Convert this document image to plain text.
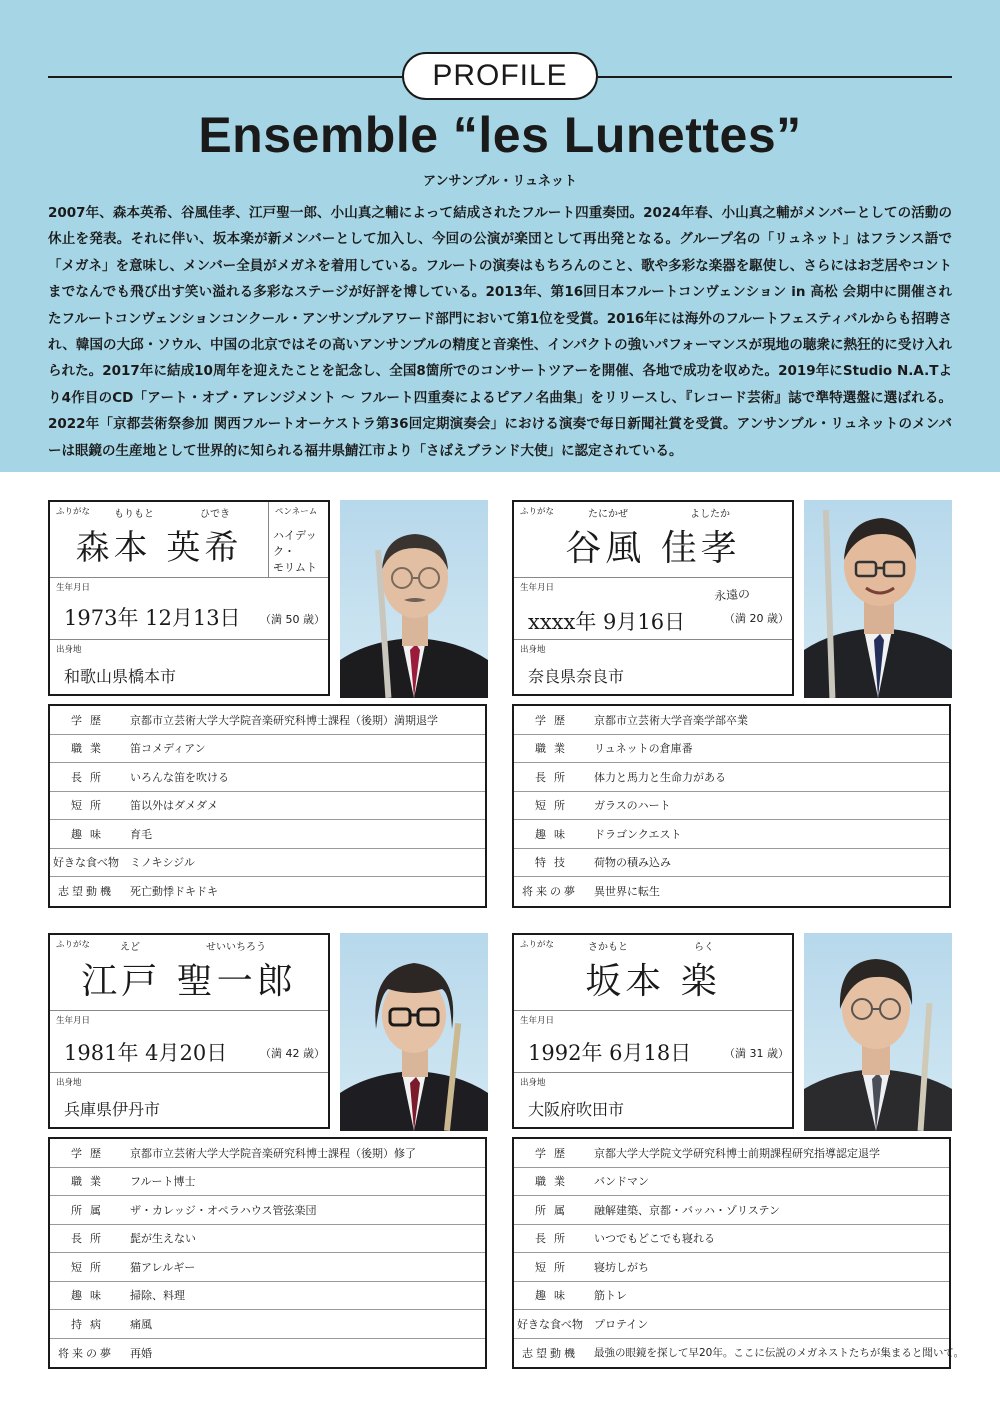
PROFILE
Ensemble “les Lunettes”
アンサンブル・リュネット

2007年、森本英希、谷風佳孝、江戸聖一郎、小山真之輔によって結成されたフルート四重奏団。2024年春、小山真之輔がメンバーとしての活動の休止を発表。それに伴い、坂本楽が新メンバーとして加入し、今回の公演が楽団として再出発となる。グループ名の「リュネット」はフランス語で「メガネ」を意味し、メンバー全員がメガネを着用している。フルートの演奏はもちろんのこと、歌や多彩な楽器を駆使し、さらにはお芝居やコントまでなんでも飛び出す笑い溢れる多彩なステージが好評を博している。2013年、第16回日本フルートコンヴェンション in 高松 会期中に開催されたフルートコンヴェンションコンクール・アンサンブルアワード部門において第1位を受賞。2016年には海外のフルートフェスティバルからも招聘され、韓国の大邱・ソウル、中国の北京ではその高いアンサンブルの精度と音楽性、インパクトの強いパフォーマンスが現地の聴衆に熱狂的に受け入れられた。2017年に結成10周年を迎えたことを記念し、全国8箇所でのコンサートツアーを開催、各地で成功を収めた。2019年にStudio N.A.Tより4作目のCD「アート・オブ・アレンジメント 〜 フルート四重奏によるピアノ名曲集」をリリースし、『レコード芸術』誌で準特選盤に選ばれる。2022年「京都芸術祭参加 関西フルートオーケストラ第36回定期演奏会」における演奏で毎日新聞社賞を受賞。アンサンブル・リュネットのメンバーは眼鏡の生産地として世界的に知られる福井県鯖江市より「さばえブランド大使」に認定されている。

ふりがな もりもと	ひでき
森本 英希
ペンネーム
ハイデック・
モリムト
生年月日
1973年 12月13日 （満 50 歳）
出身地
和歌山県橋本市
学歴	京都市立芸術大学大学院音楽研究科博士課程（後期）満期退学
職業	笛コメディアン
長所	いろんな笛を吹ける
短所	笛以外はダメダメ
趣味	育毛
好きな食べ物	ミノキシジル
志望動機	死亡動悸ドキドキ
ふりがな	たにかぜ	よしたか
谷風 佳孝
生年月日
xxxx年 9月16日
永遠の
（満 20 歳）
出身地
奈良県奈良市
学歴	京都市立芸術大学音楽学部卒業
職業	リュネットの倉庫番
長所	体力と馬力と生命力がある
短所	ガラスのハート
趣味	ドラゴンクエスト
特技	荷物の積み込み
将来の夢	異世界に転生
ふりがな	えど	せいいちろう
江戸 聖一郎
生年月日
1981年 4月20日	（満 42 歳）
出身地
兵庫県伊丹市
学歴	京都市立芸術大学大学院音楽研究科博士課程（後期）修了
職業	フルート博士
所属	ザ・カレッジ・オペラハウス管弦楽団
長所	髭が生えない
短所	猫アレルギー
趣味	掃除、料理
持病	痛風
将来の夢	再婚
ふりがな	さかもと	らく
坂本 楽
生年月日
1992年 6月18日	（満 31 歳）
出身地
大阪府吹田市
学歴	京都大学大学院文学研究科博士前期課程研究指導認定退学
職業	バンドマン
所属	融解建築、京都・バッハ・ゾリステン
長所	いつでもどこでも寝れる
短所	寝坊しがち
趣味	筋トレ
好きな食べ物	プロテイン
志望動機	最強の眼鏡を探して早20年。ここに伝説のメガネストたちが集まると聞いて。
